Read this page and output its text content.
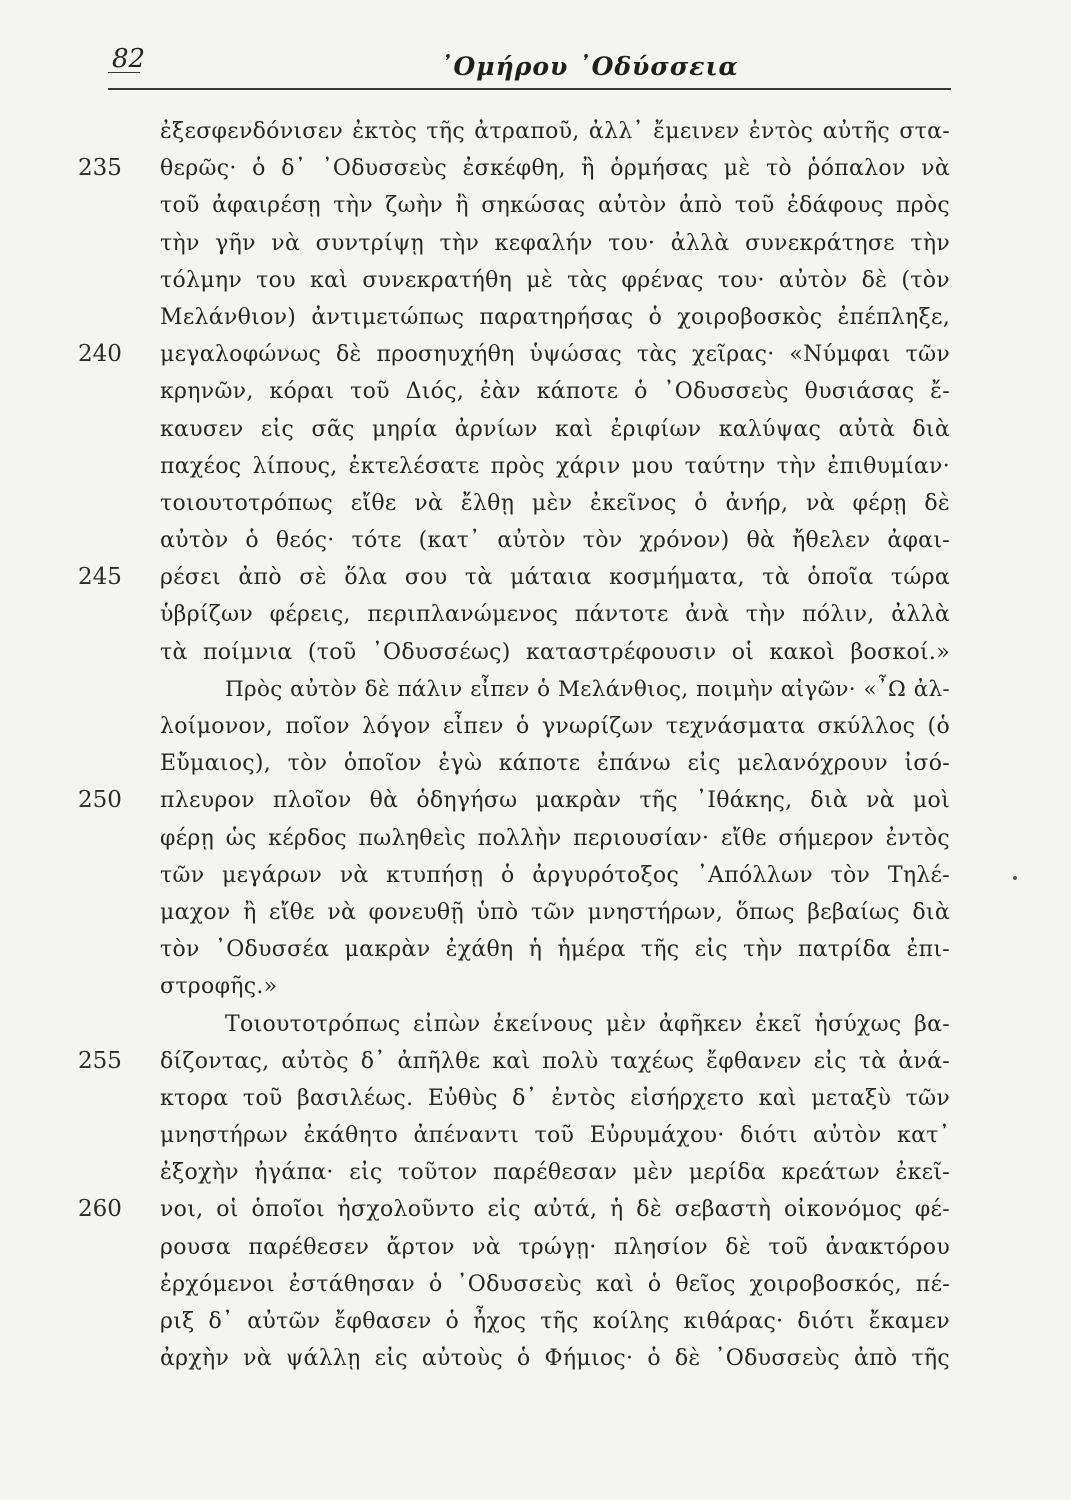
82	᾿Ομήρου ᾿Οδύσσεια
ἐξεσφενδόνισεν ἐκτὸς τῆς ἀτραποῦ, ἀλλ᾽ ἔμεινεν ἐντὸς αὐτῆς στα-
235	θερῶς· ὁ δ᾽ ᾿Οδυσσεὺς ἐσκέφθη, ἢ ὁρμήσας μὲ τὸ ῥόπαλον νὰ
τοῦ ἀφαιρέσῃ τὴν ζωὴν ἢ σηκώσας αὐτὸν ἀπὸ τοῦ ἐδάφους πρὸς
τὴν γῆν νὰ συντρίψῃ τὴν κεφαλήν του· ἀλλὰ συνεκράτησε τὴν
τόλμην του καὶ συνεκρατήθη μὲ τὰς φρένας του· αὐτὸν δὲ (τὸν
Μελάνθιον) ἀντιμετώπως παρατηρήσας ὁ χοιροβοσκὸς ἐπέπληξε,
240	μεγαλοφώνως δὲ προσηυχήθη ὑψώσας τὰς χεῖρας· «Νύμφαι τῶν
κρηνῶν, κόραι τοῦ Διός, ἐὰν κάποτε ὁ ᾿Οδυσσεὺς θυσιάσας ἔ-
καυσεν εἰς σᾶς μηρία ἀρνίων καὶ ἐριφίων καλύψας αὐτὰ διὰ
παχέος λίπους, ἐκτελέσατε πρὸς χάριν μου ταύτην τὴν ἐπιθυμίαν·
τοιουτοτρόπως εἴθε νὰ ἔλθῃ μὲν ἐκεῖνος ὁ ἀνήρ, νὰ φέρῃ δὲ
αὐτὸν ὁ θεός· τότε (κατ᾽ αὐτὸν τὸν χρόνον) θὰ ἤθελεν ἀφαι-
245	ρέσει ἀπὸ σὲ ὅλα σου τὰ μάταια κοσμήματα, τὰ ὁποῖα τώρα
ὑβρίζων φέρεις, περιπλανώμενος πάντοτε ἀνὰ τὴν πόλιν, ἀλλὰ
τὰ ποίμνια (τοῦ ᾿Οδυσσέως) καταστρέφουσιν οἱ κακοὶ βοσκοί.»
Πρὸς αὐτὸν δὲ πάλιν εἶπεν ὁ Μελάνθιος, ποιμὴν αἰγῶν· «῏Ω ἀλ-
λοίμονον, ποῖον λόγον εἶπεν ὁ γνωρίζων τεχνάσματα σκύλλος (ὁ
Εὔμαιος), τὸν ὁποῖον ἐγὼ κάποτε ἐπάνω εἰς μελανόχρουν ἰσό-
250	πλευρον πλοῖον θὰ ὁδηγήσω μακρὰν τῆς ᾿Ιθάκης, διὰ νὰ μοὶ
φέρῃ ὡς κέρδος πωληθεὶς πολλὴν περιουσίαν· εἴθε σήμερον ἐντὸς
τῶν μεγάρων νὰ κτυπήσῃ ὁ ἀργυρότοξος ᾿Απόλλων τὸν Τηλέ-
μαχον ἢ εἴθε νὰ φονευθῇ ὑπὸ τῶν μνηστήρων, ὅπως βεβαίως διὰ
τὸν ᾿Οδυσσέα μακρὰν ἐχάθη ἡ ἡμέρα τῆς εἰς τὴν πατρίδα ἐπι-
στροφῆς.»
Τοιουτοτρόπως εἰπὼν ἐκείνους μὲν ἀφῆκεν ἐκεῖ ἡσύχως βα-
255	δίζοντας, αὐτὸς δ᾽ ἀπῆλθε καὶ πολὺ ταχέως ἔφθανεν εἰς τὰ ἀνά-
κτορα τοῦ βασιλέως. Εὐθὺς δ᾽ ἐντὸς εἰσήρχετο καὶ μεταξὺ τῶν
μνηστήρων ἐκάθητο ἀπέναντι τοῦ Εὐρυμάχου· διότι αὐτὸν κατ᾽
ἐξοχὴν ἠγάπα· εἰς τοῦτον παρέθεσαν μὲν μερίδα κρεάτων ἐκεῖ-
260	νοι, οἱ ὁποῖοι ἠσχολοῦντο εἰς αὐτά, ἡ δὲ σεβαστὴ οἰκονόμος φέ-
ρουσα παρέθεσεν ἄρτον νὰ τρώγῃ· πλησίον δὲ τοῦ ἀνακτόρου
ἐρχόμενοι ἐστάθησαν ὁ ᾿Οδυσσεὺς καὶ ὁ θεῖος χοιροβοσκός, πέ-
ριξ δ᾽ αὐτῶν ἔφθασεν ὁ ἦχος τῆς κοίλης κιθάρας· διότι ἔκαμεν
ἀρχὴν νὰ ψάλλῃ εἰς αὐτοὺς ὁ Φήμιος· ὁ δὲ ᾿Οδυσσεὺς ἀπὸ τῆς
